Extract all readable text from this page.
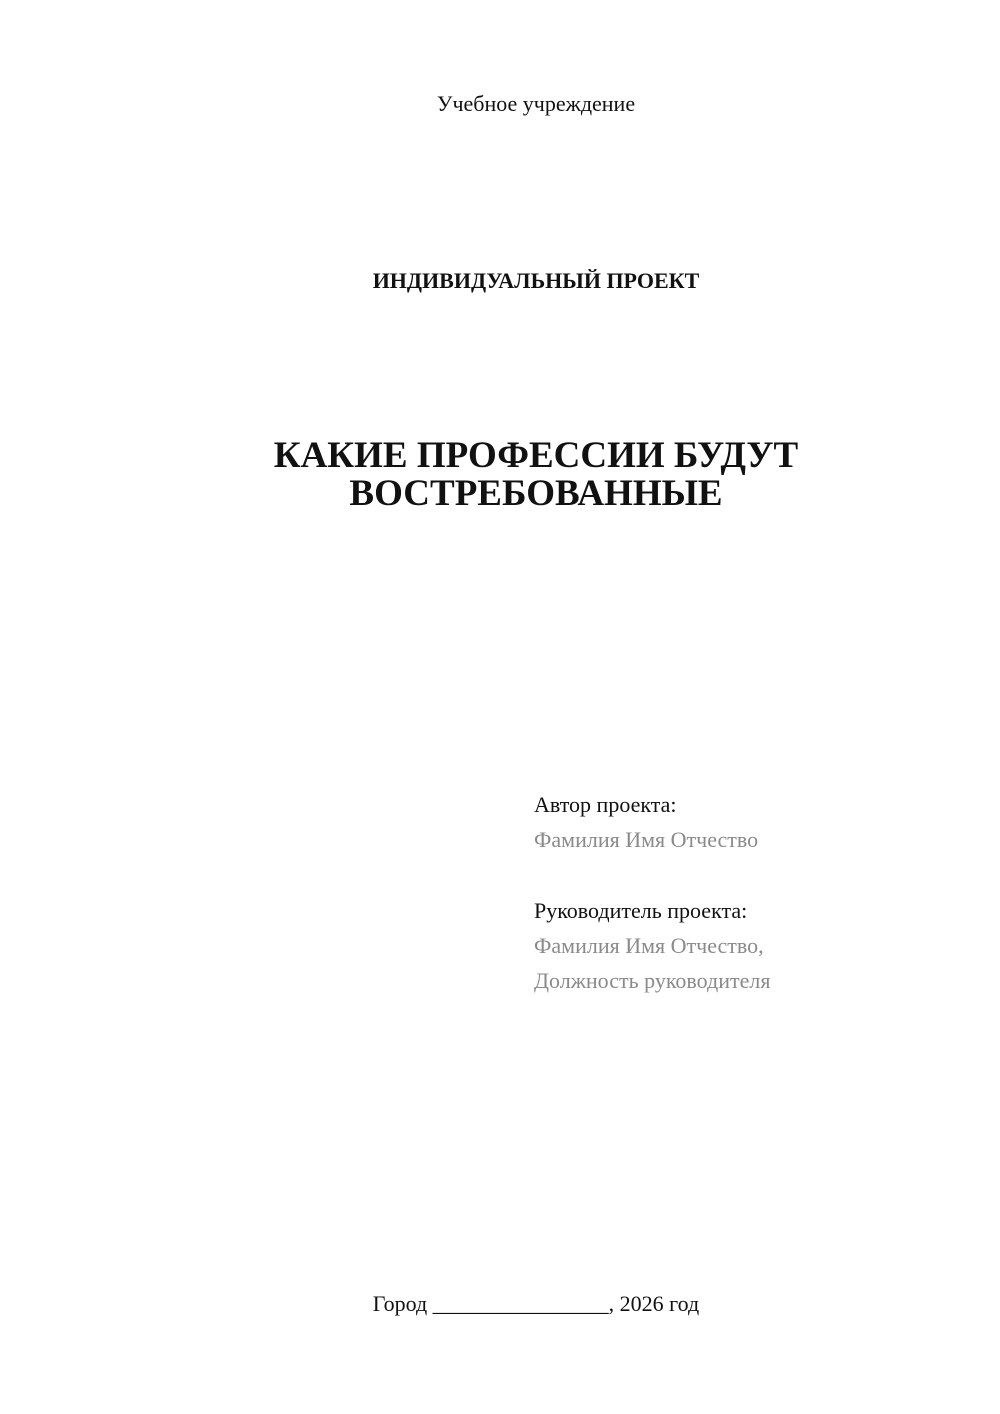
Учебное учреждение
ИНДИВИДУАЛЬНЫЙ ПРОЕКТ
КАКИЕ ПРОФЕССИИ БУДУТ
ВОСТРЕБОВАННЫЕ
Автор проекта:
Фамилия Имя Отчество
Руководитель проекта:
Фамилия Имя Отчество,
Должность руководителя
Город ________________, 2026 год
